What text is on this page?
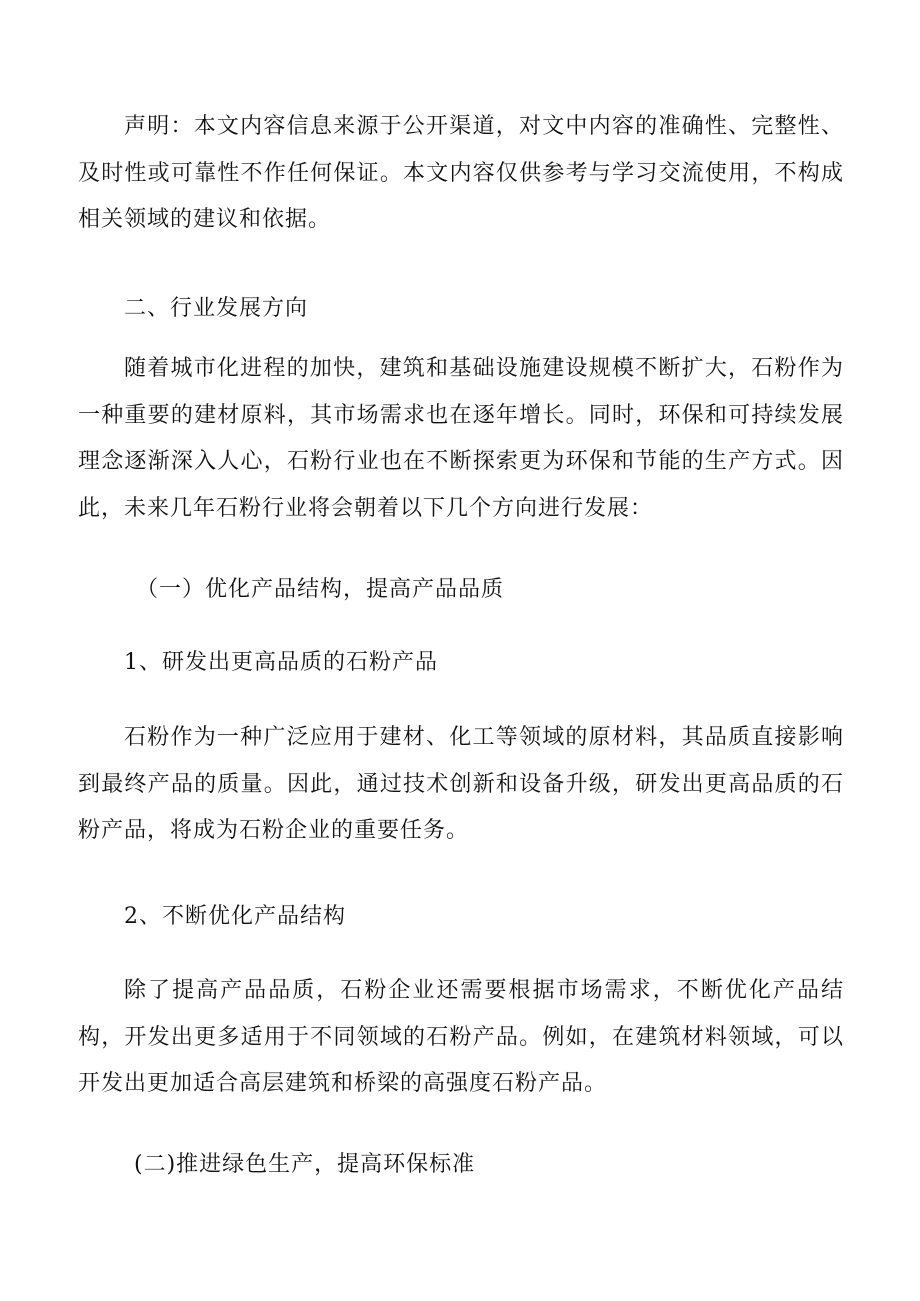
声明：本文内容信息来源于公开渠道，对文中内容的准确性、完整性、及时性或可靠性不作任何保证。本文内容仅供参考与学习交流使用，不构成相关领域的建议和依据。

二、行业发展方向

随着城市化进程的加快，建筑和基础设施建设规模不断扩大，石粉作为一种重要的建材原料，其市场需求也在逐年增长。同时，环保和可持续发展理念逐渐深入人心，石粉行业也在不断探索更为环保和节能的生产方式。因此，未来几年石粉行业将会朝着以下几个方向进行发展：

（一）优化产品结构，提高产品品质

1、研发出更高品质的石粉产品

石粉作为一种广泛应用于建材、化工等领域的原材料，其品质直接影响到最终产品的质量。因此，通过技术创新和设备升级，研发出更高品质的石粉产品，将成为石粉企业的重要任务。

2、不断优化产品结构

除了提高产品品质，石粉企业还需要根据市场需求，不断优化产品结构，开发出更多适用于不同领域的石粉产品。例如，在建筑材料领域，可以开发出更加适合高层建筑和桥梁的高强度石粉产品。

(二)推进绿色生产，提高环保标准
